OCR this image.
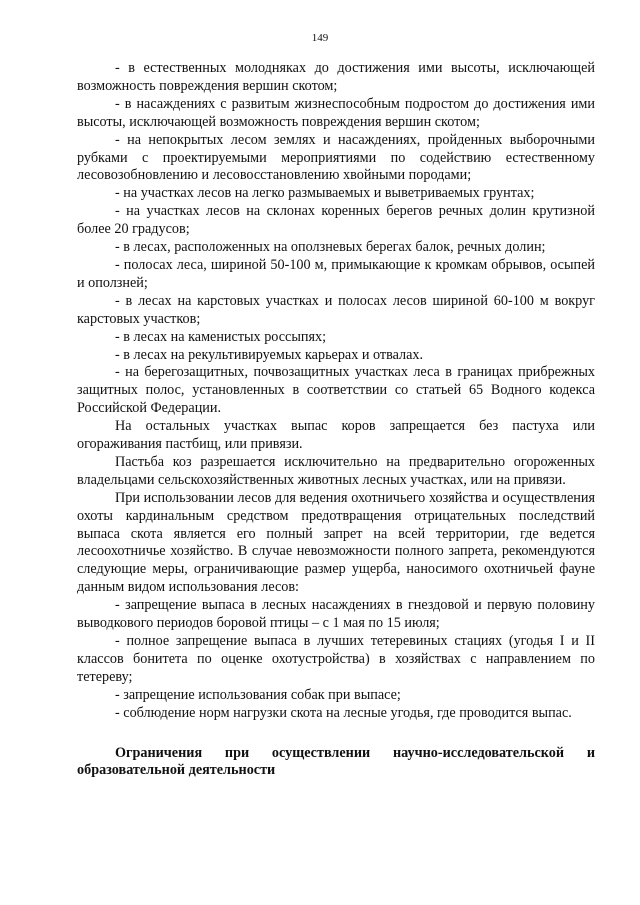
149

- в естественных молодняках до достижения ими высоты, исключающей возможность повреждения вершин скотом;

- в насаждениях с развитым жизнеспособным подростом до достижения ими высоты, исключающей возможность повреждения вершин скотом;

- на непокрытых лесом землях и насаждениях, пройденных выборочными рубками с проектируемыми мероприятиями по содействию естественному лесовозобновлению и лесовосстановлению хвойными породами;

- на участках лесов на легко размываемых и выветриваемых грунтах;

- на участках лесов на склонах коренных берегов речных долин крутизной более 20 градусов;

- в лесах, расположенных на оползневых берегах балок, речных долин;

- полосах леса, шириной 50-100 м, примыкающие к кромкам обрывов, осыпей и оползней;

- в лесах на карстовых участках и полосах лесов шириной 60-100 м вокруг карстовых участков;

- в лесах на каменистых россыпях;

- в лесах на рекультивируемых карьерах и отвалах.

- на берегозащитных, почвозащитных участках леса в границах прибрежных защитных полос, установленных в соответствии со статьей 65 Водного кодекса Российской Федерации.

На остальных участках выпас коров запрещается без пастуха или огораживания пастбищ, или привязи.

Пастьба коз разрешается исключительно на предварительно огороженных владельцами сельскохозяйственных животных лесных участках, или на привязи.

При использовании лесов для ведения охотничьего хозяйства и осуществления охоты кардинальным средством предотвращения отрицательных последствий выпаса скота является его полный запрет на всей территории, где ведется лесоохотничье хозяйство. В случае невозможности полного запрета, рекомендуются следующие меры, ограничивающие размер ущерба, наносимого охотничьей фауне данным видом использования лесов:

- запрещение выпаса в лесных насаждениях в гнездовой и первую половину выводкового периодов боровой птицы – с 1 мая по 15 июля;

- полное запрещение выпаса в лучших тетеревиных стациях (угодья I и II классов бонитета по оценке охотустройства) в хозяйствах с направлением по тетереву;

- запрещение использования собак при выпасе;

- соблюдение норм нагрузки скота на лесные угодья, где проводится выпас.

Ограничения при осуществлении научно-исследовательской и образовательной деятельности
